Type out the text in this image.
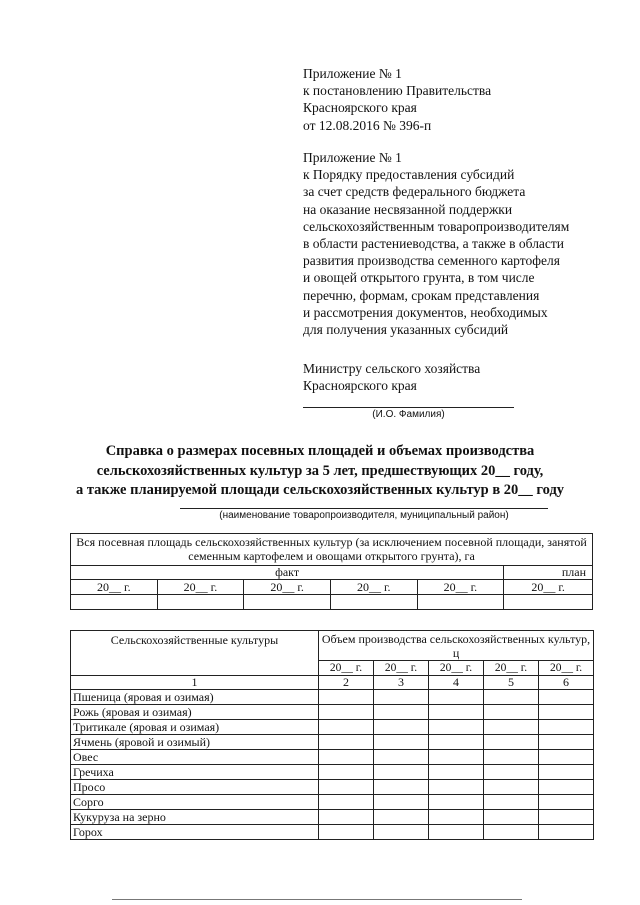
Приложение № 1
к постановлению Правительства
Красноярского края
от 12.08.2016 № 396-п
Приложение № 1
к Порядку предоставления субсидий
за счет средств федерального бюджета
на оказание несвязанной поддержки
сельскохозяйственным товаропроизводителям
в области растениеводства, а также в области
развития производства семенного картофеля
и овощей открытого грунта, в том числе
перечню, формам, срокам представления
и рассмотрения документов, необходимых
для получения указанных субсидий
Министру сельского хозяйства
Красноярского края
(И.О. Фамилия)
Справка о размерах посевных площадей и объемах производства
сельскохозяйственных культур за 5 лет, предшествующих 20__ году,
а также планируемой площади сельскохозяйственных культур в 20__ году
(наименование товаропроизводителя, муниципальный район)
Вся посевная площадь сельскохозяйственных культур (за исключением посевной площади, занятой семенным картофелем и овощами открытого грунта), га					
факт					план
20__ г.	20__ г.	20__ г.	20__ г.	20__ г.	20__ г.

Сельскохозяйственные культуры	Объем производства сельскохозяйственных культур, ц				
	20__ г.	20__ г.	20__ г.	20__ г.	20__ г.
1	2	3	4	5	6
Пшеница (яровая и озимая)					
Рожь (яровая и озимая)					
Тритикале (яровая и озимая)					
Ячмень (яровой и озимый)					
Овес					
Гречиха					
Просо					
Сорго					
Кукуруза на зерно					
Горох					
